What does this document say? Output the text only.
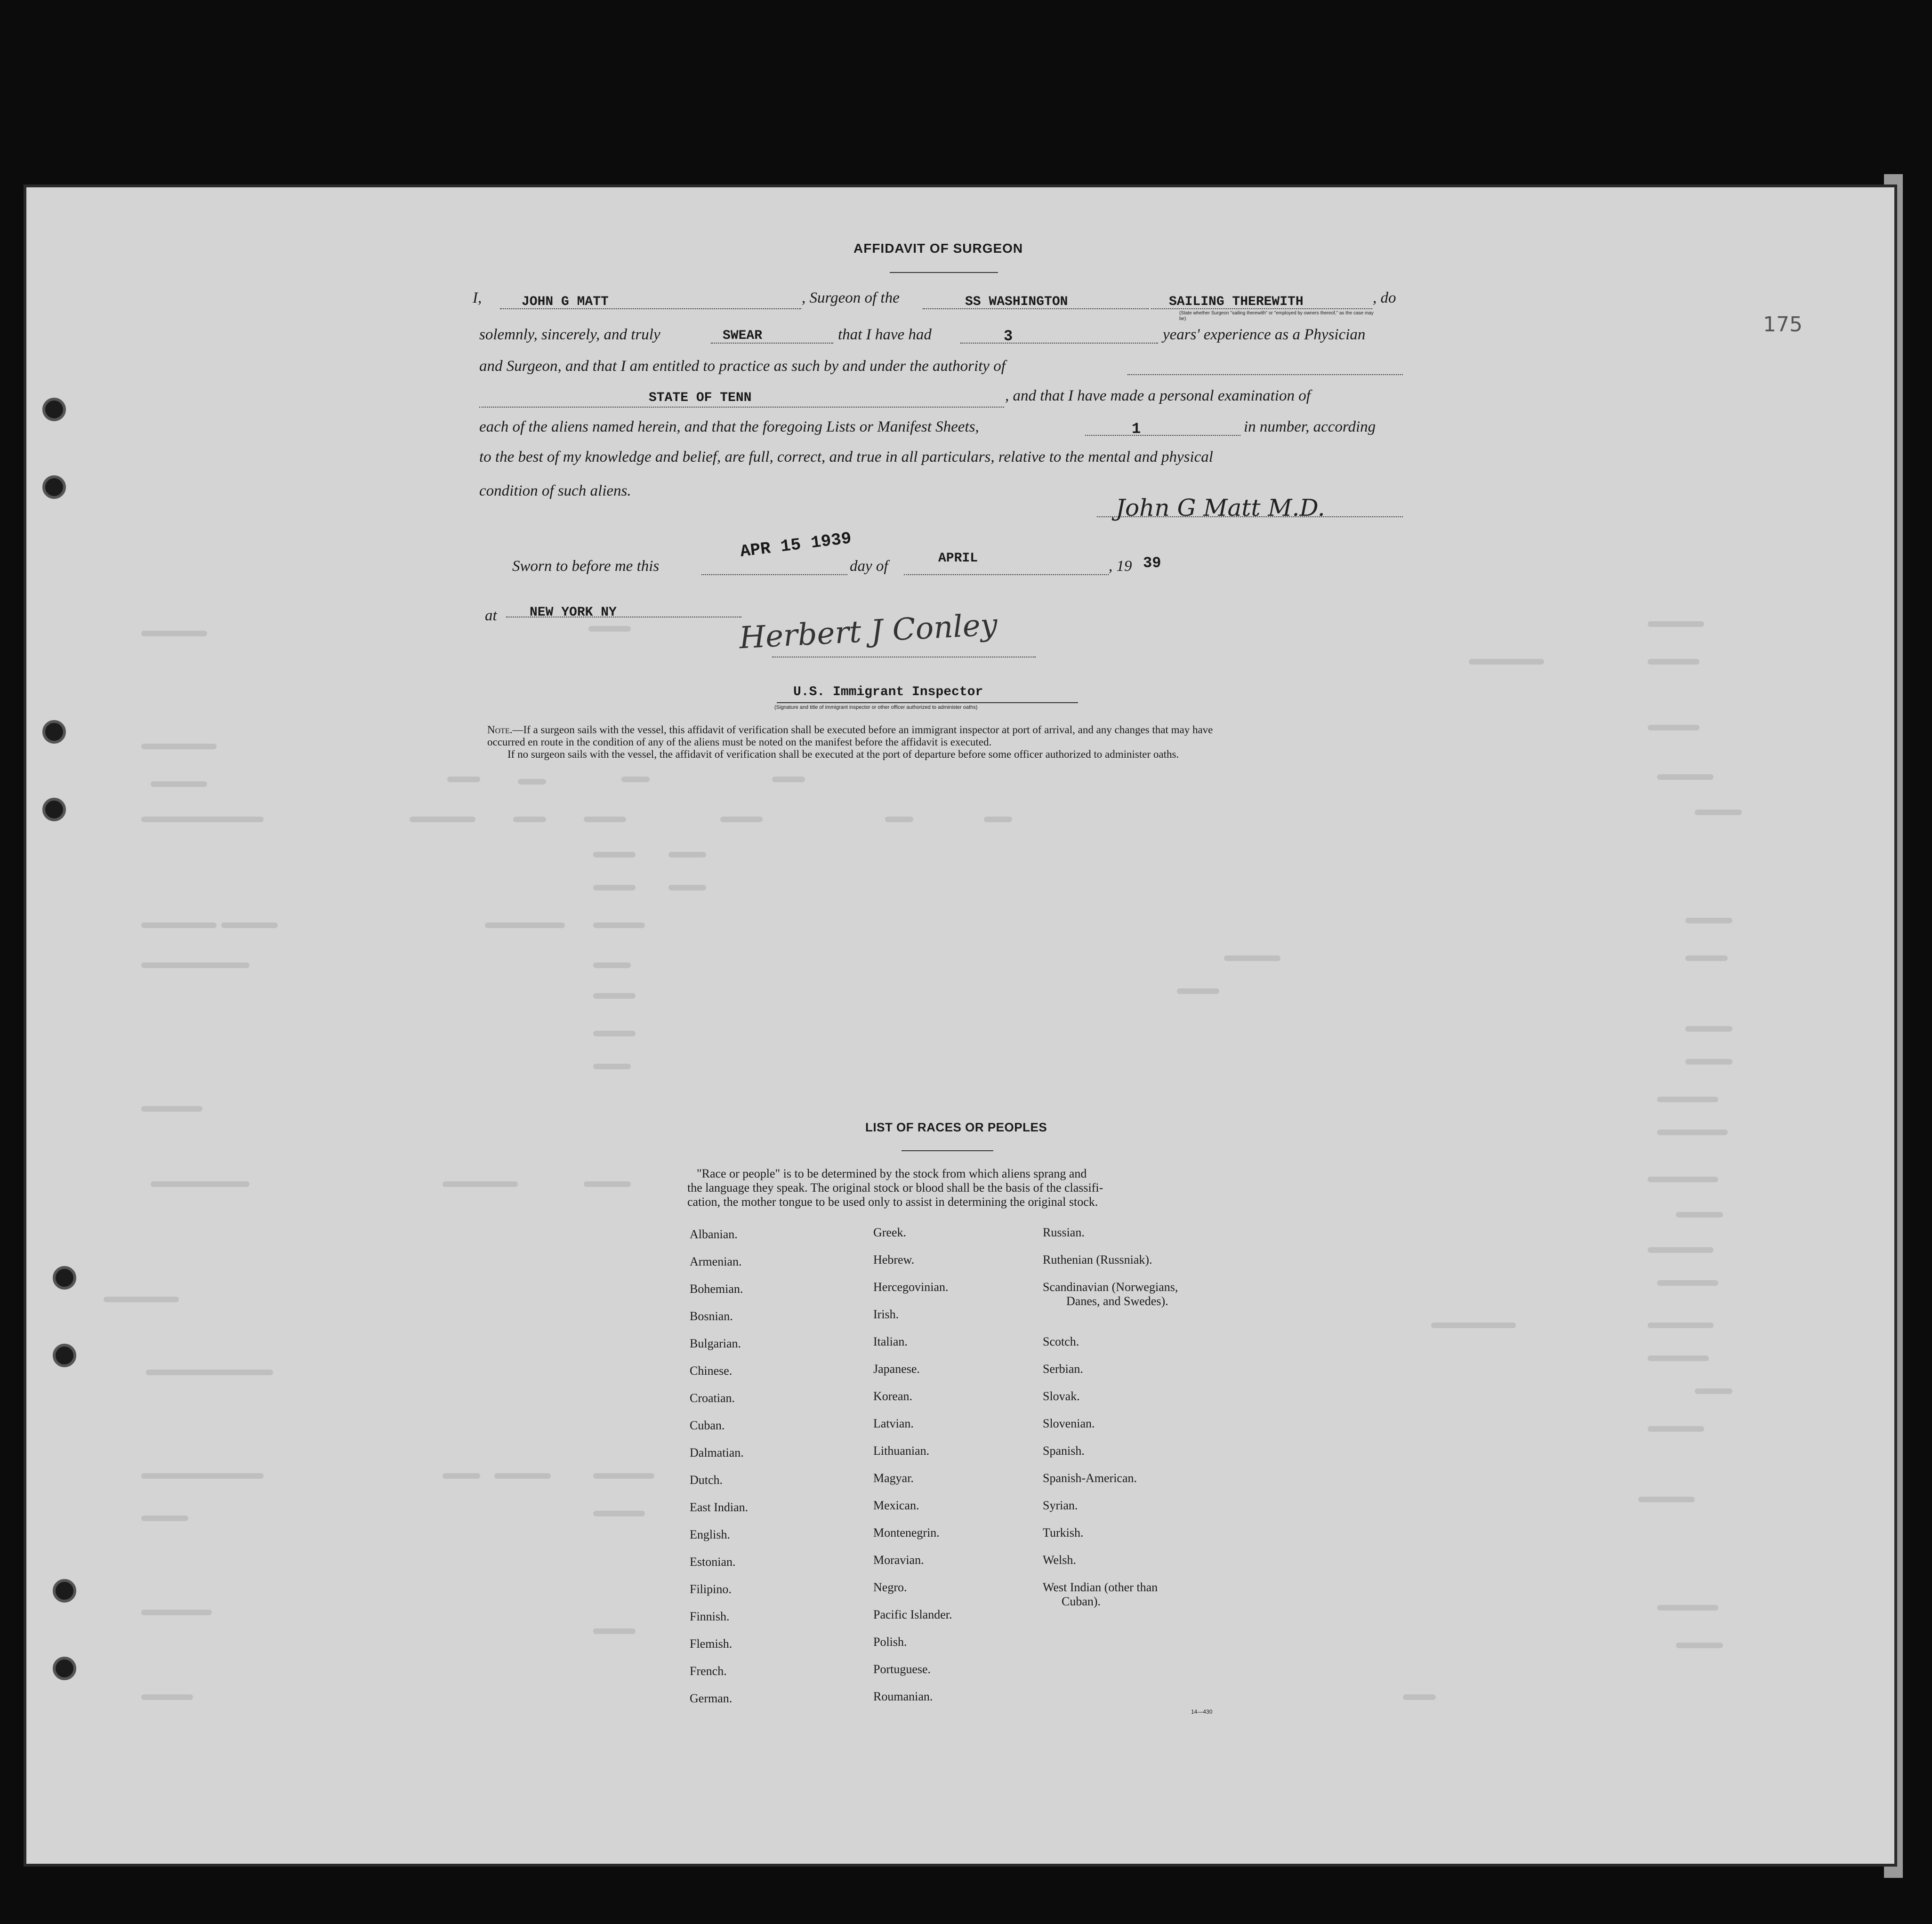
175
AFFIDAVIT OF SURGEON
I,	JOHN G MATT	, Surgeon of the	SS WASHINGTON	SAILING THEREWITH	, do
(State whether Surgeon "sailing therewith" or "employed by owners thereof," as the case may be)
solemnly, sincerely, and truly	SWEAR	that I have had	3	years' experience as a Physician
and Surgeon, and that I am entitled to practice as such by and under the authority of
STATE OF TENN	, and that I have made a personal examination of
each of the aliens named herein, and that the foregoing Lists or Manifest Sheets,	1	in number, according
to the best of my knowledge and belief, are full, correct, and true in all particulars, relative to the mental and physical
condition of such aliens.
John G Matt M.D.
Sworn to before me this
APR 15 1939
day of	APRIL	, 19 39
at NEW YORK NY	Herbert J Conley
U.S. Immigrant Inspector
(Signature and title of immigrant inspector or other officer authorized to administer oaths)
Note.—If a surgeon sails with the vessel, this affidavit of verification shall be executed before an immigrant inspector at port of arrival, and any changes that may have
occurred en route in the condition of any of the aliens must be noted on the manifest before the affidavit is executed.
If no surgeon sails with the vessel, the affidavit of verification shall be executed at the port of departure before some officer authorized to administer oaths.
LIST OF RACES OR PEOPLES
"Race or people" is to be determined by the stock from which aliens sprang and
the language they speak. The original stock or blood shall be the basis of the classifi-
cation, the mother tongue to be used only to assist in determining the original stock.
Albanian.
Armenian.
Bohemian.
Bosnian.
Bulgarian.
Chinese.
Croatian.
Cuban.
Dalmatian.
Dutch.
East Indian.
English.
Estonian.
Filipino.
Finnish.
Flemish.
French.
German.
Greek.
Hebrew.
Hercegovinian.
Irish.
Italian.
Japanese.
Korean.
Latvian.
Lithuanian.
Magyar.
Mexican.
Montenegrin.
Moravian.
Negro.
Pacific Islander.
Polish.
Portuguese.
Roumanian.
Russian.
Ruthenian (Russniak).
Scandinavian (Norwegians,
Danes, and Swedes).
Scotch.
Serbian.
Slovak.
Slovenian.
Spanish.
Spanish-American.
Syrian.
Turkish.
Welsh.
West Indian (other than
Cuban).
14—430
